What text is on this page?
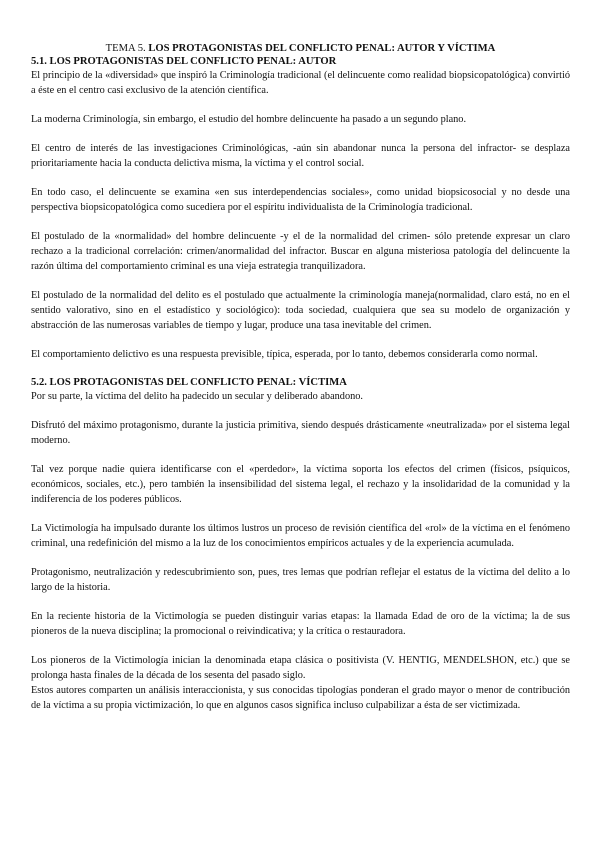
TEMA 5. LOS PROTAGONISTAS DEL CONFLICTO PENAL: AUTOR Y VÍCTIMA

5.1. LOS PROTAGONISTAS DEL CONFLICTO PENAL: AUTOR

El principio de la «diversidad» que inspiró la Criminología tradicional (el delincuente como realidad biopsicopatológica) convirtió a éste en el centro casi exclusivo de la atención científica.

La moderna Criminología, sin embargo, el estudio del hombre delincuente ha pasado a un segundo plano.

El centro de interés de las investigaciones Criminológicas, -aún sin abandonar nunca la persona del infractor- se desplaza prioritariamente hacia la conducta delictiva misma, la víctima y el control social.

En todo caso, el delincuente se examina «en sus interdependencias sociales», como unidad biopsicosocial y no desde una perspectiva biopsicopatológica como sucediera por el espíritu individualista de la Criminología tradicional.

El postulado de la «normalidad» del hombre delincuente -y el de la normalidad del crimen- sólo pretende expresar un claro rechazo a la tradicional correlación: crimen/anormalidad del infractor. Buscar en alguna misteriosa patología del delincuente la razón última del comportamiento criminal es una vieja estrategia tranquilizadora.

El postulado de la normalidad del delito es el postulado que actualmente la criminología maneja(normalidad, claro está, no en el sentido valorativo, sino en el estadístico y sociológico): toda sociedad, cualquiera que sea su modelo de organización y abstracción de las numerosas variables de tiempo y lugar, produce una tasa inevitable del crimen.

El comportamiento delictivo es una respuesta previsible, típica, esperada, por lo tanto, debemos considerarla como normal.

5.2. LOS PROTAGONISTAS DEL CONFLICTO PENAL: VÍCTIMA

Por su parte, la víctima del delito ha padecido un secular y deliberado abandono.

Disfrutó del máximo protagonismo, durante la justicia primitiva, siendo después drásticamente «neutralizada» por el sistema legal moderno.

Tal vez porque nadie quiera identificarse con el «perdedor», la víctima soporta los efectos del crimen (físicos, psíquicos, económicos, sociales, etc.), pero también la insensibilidad del sistema legal, el rechazo y la insolidaridad de la comunidad y la indiferencia de los poderes públicos.

La Victimología ha impulsado durante los últimos lustros un proceso de revisión científica del «rol» de la víctima en el fenómeno criminal, una redefinición del mismo a la luz de los conocimientos empíricos actuales y de la experiencia acumulada.

Protagonismo, neutralización y redescubrimiento son, pues, tres lemas que podrían reflejar el estatus de la víctima del delito a lo largo de la historia.

En la reciente historia de la Victimología se pueden distinguir varias etapas: la llamada Edad de oro de la víctima; la de sus pioneros de la nueva disciplina; la promocional o reivindicativa; y la crítica o restauradora.

Los pioneros de la Victimología inician la denominada etapa clásica o positivista (V. HENTIG, MENDELSHON, etc.) que se prolonga hasta finales de la década de los sesenta del pasado siglo.

Estos autores comparten un análisis interaccionista, y sus conocidas tipologías ponderan el grado mayor o menor de contribución de la víctima a su propia victimización, lo que en algunos casos significa incluso culpabilizar a ésta de ser victimizada.
